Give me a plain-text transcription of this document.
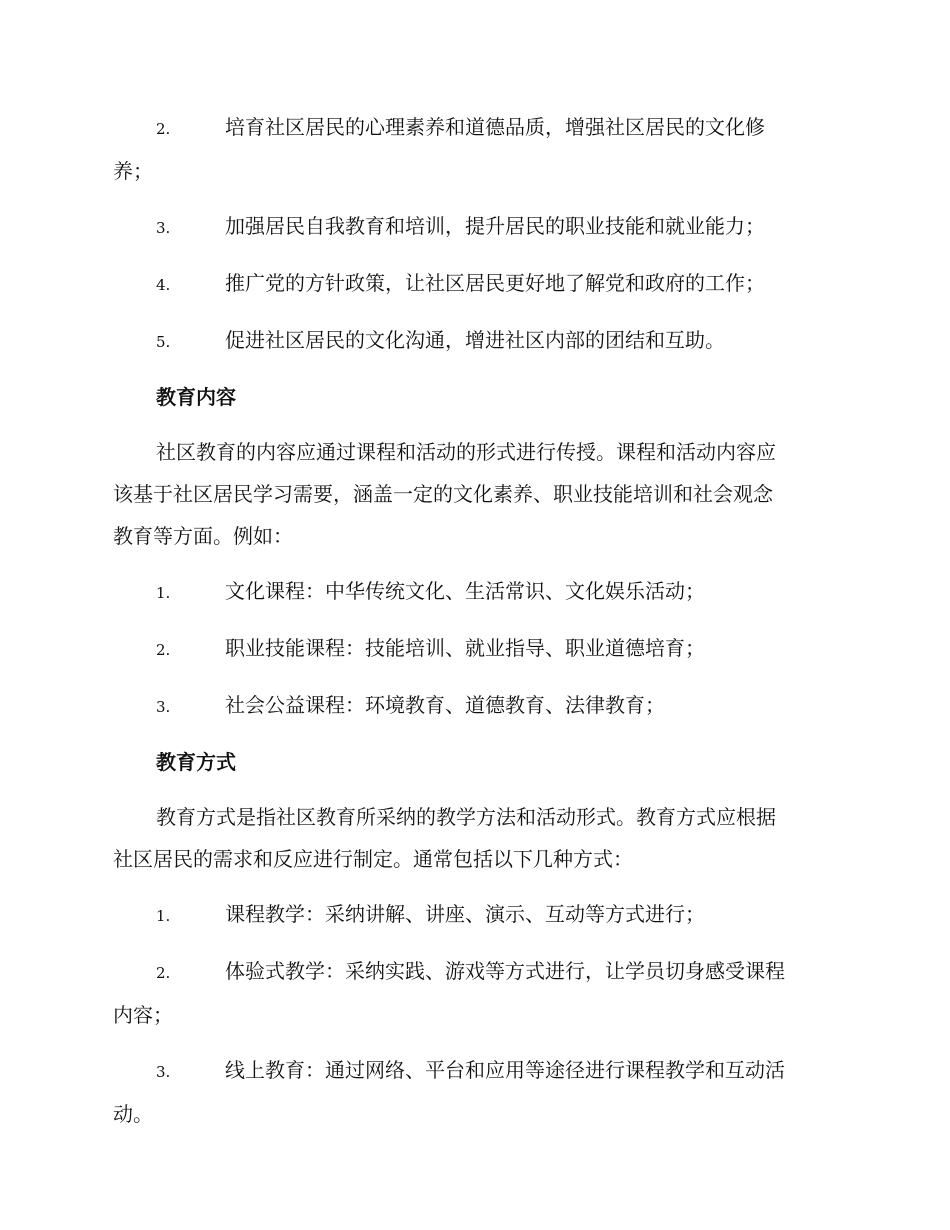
2.	培育社区居民的心理素养和道德品质，增强社区居民的文化修
养；
3.	加强居民自我教育和培训，提升居民的职业技能和就业能力；
4.	推广党的方针政策，让社区居民更好地了解党和政府的工作；
5.	促进社区居民的文化沟通，增进社区内部的团结和互助。
教育内容
社区教育的内容应通过课程和活动的形式进行传授。课程和活动内容应
该基于社区居民学习需要，涵盖一定的文化素养、职业技能培训和社会观念
教育等方面。例如：
1.	文化课程：中华传统文化、生活常识、文化娱乐活动；
2.	职业技能课程：技能培训、就业指导、职业道德培育；
3.	社会公益课程：环境教育、道德教育、法律教育；
教育方式
教育方式是指社区教育所采纳的教学方法和活动形式。教育方式应根据
社区居民的需求和反应进行制定。通常包括以下几种方式：
1.	课程教学：采纳讲解、讲座、演示、互动等方式进行；
2.	体验式教学：采纳实践、游戏等方式进行，让学员切身感受课程
内容；
3.	线上教育：通过网络、平台和应用等途径进行课程教学和互动活
动。
